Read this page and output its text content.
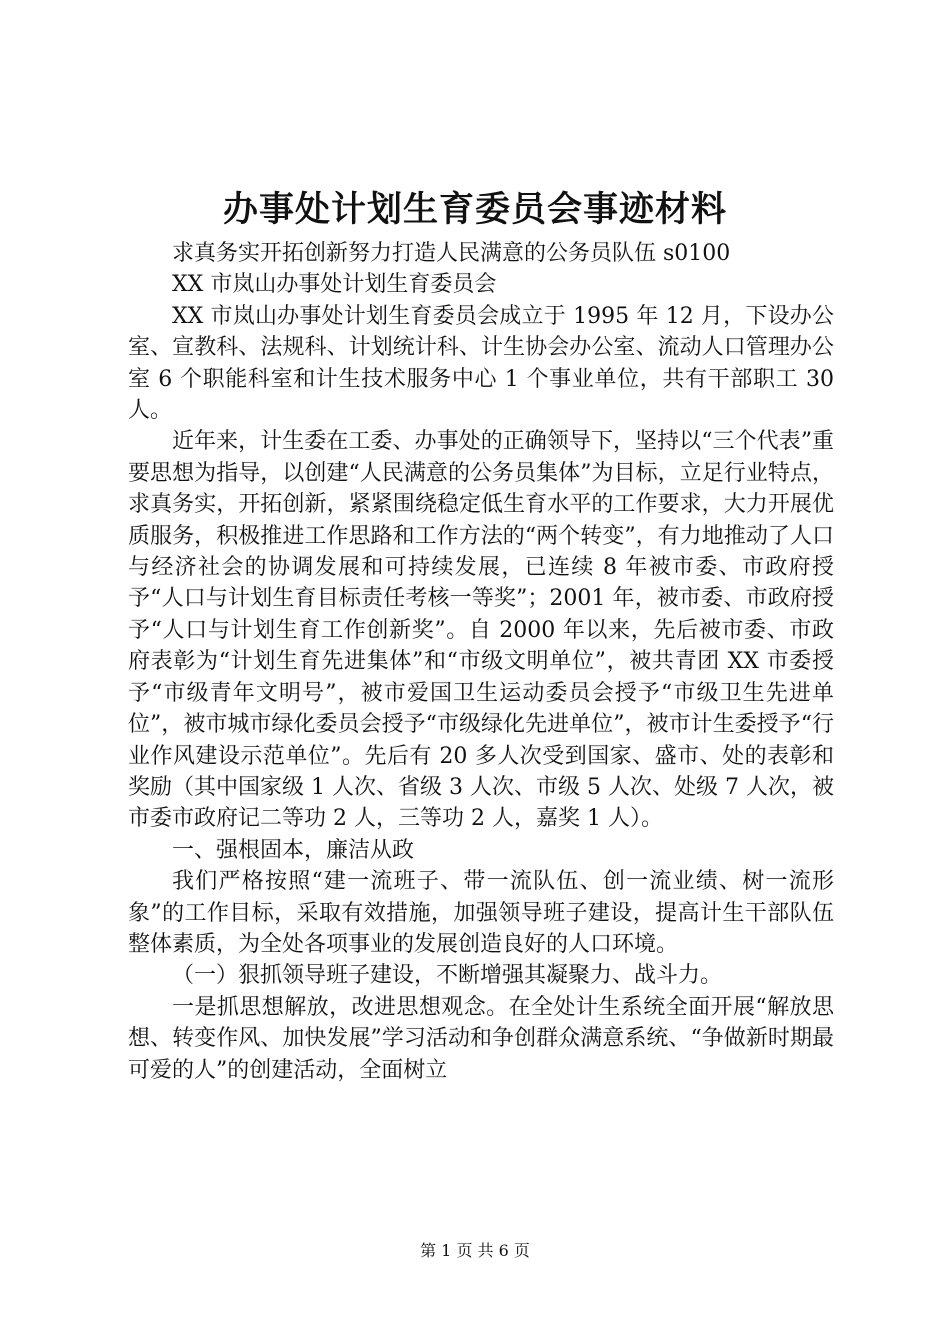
办事处计划生育委员会事迹材料

求真务实开拓创新努力打造人民满意的公务员队伍 s0100

XX 市岚山办事处计划生育委员会

XX 市岚山办事处计划生育委员会成立于 1995 年 12 月，下设办公室、宣教科、法规科、计划统计科、计生协会办公室、流动人口管理办公室 6 个职能科室和计生技术服务中心 1 个事业单位，共有干部职工 30 人。

近年来，计生委在工委、办事处的正确领导下，坚持以“三个代表”重要思想为指导，以创建“人民满意的公务员集体”为目标，立足行业特点，求真务实，开拓创新，紧紧围绕稳定低生育水平的工作要求，大力开展优质服务，积极推进工作思路和工作方法的“两个转变”，有力地推动了人口与经济社会的协调发展和可持续发展，已连续 8 年被市委、市政府授予“人口与计划生育目标责任考核一等奖”；2001 年，被市委、市政府授予“人口与计划生育工作创新奖”。自 2000 年以来，先后被市委、市政府表彰为“计划生育先进集体”和“市级文明单位”，被共青团 XX 市委授予“市级青年文明号”，被市爱国卫生运动委员会授予“市级卫生先进单位”，被市城市绿化委员会授予“市级绿化先进单位”，被市计生委授予“行业作风建设示范单位”。先后有 20 多人次受到国家、盛市、处的表彰和奖励（其中国家级 1 人次、省级 3 人次、市级 5 人次、处级 7 人次，被市委市政府记二等功 2 人，三等功 2 人，嘉奖 1 人）。

一、强根固本，廉洁从政

我们严格按照“建一流班子、带一流队伍、创一流业绩、树一流形象”的工作目标，采取有效措施，加强领导班子建设，提高计生干部队伍整体素质，为全处各项事业的发展创造良好的人口环境。

（一）狠抓领导班子建设，不断增强其凝聚力、战斗力。

一是抓思想解放，改进思想观念。在全处计生系统全面开展“解放思想、转变作风、加快发展”学习活动和争创群众满意系统、“争做新时期最可爱的人”的创建活动，全面树立

第 1 页 共 6 页
